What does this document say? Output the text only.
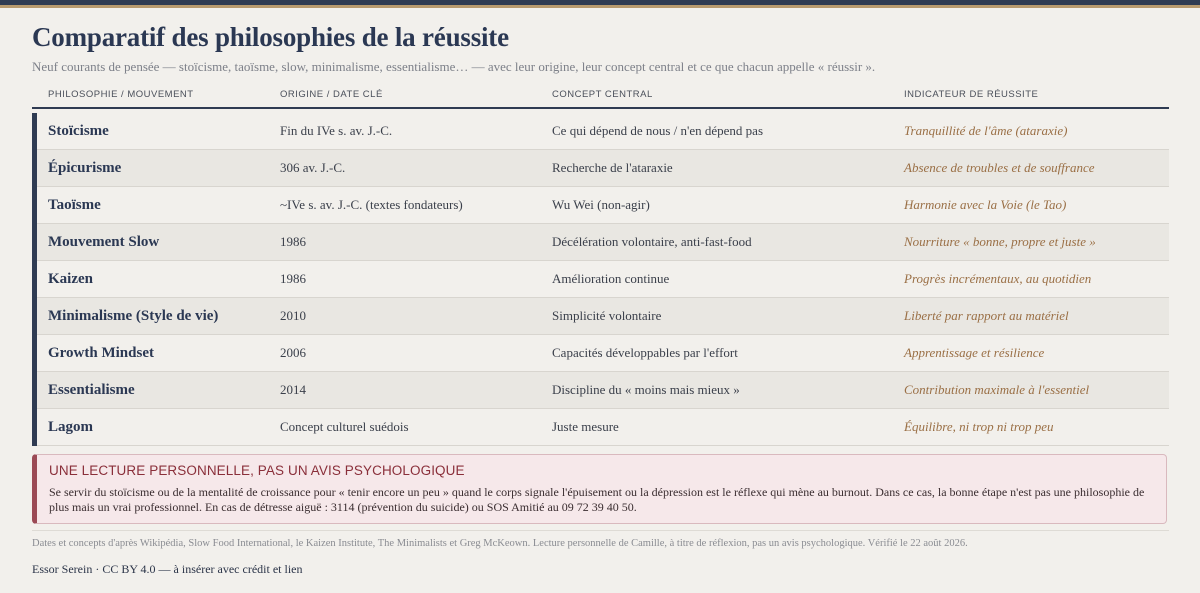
Comparatif des philosophies de la réussite
Neuf courants de pensée — stoïcisme, taoïsme, slow, minimalisme, essentialisme… — avec leur origine, leur concept central et ce que chacun appelle « réussir ».
PHILOSOPHIE / MOUVEMENT	ORIGINE / DATE CLÉ	CONCEPT CENTRAL	INDICATEUR DE RÉUSSITE
Stoïcisme	Fin du IVe s. av. J.-C.	Ce qui dépend de nous / n'en dépend pas	Tranquillité de l'âme (ataraxie)
Épicurisme	306 av. J.-C.	Recherche de l'ataraxie	Absence de troubles et de souffrance
Taoïsme	~IVe s. av. J.-C. (textes fondateurs)	Wu Wei (non-agir)	Harmonie avec la Voie (le Tao)
Mouvement Slow	1986	Décélération volontaire, anti-fast-food	Nourriture « bonne, propre et juste »
Kaizen	1986	Amélioration continue	Progrès incrémentaux, au quotidien
Minimalisme (Style de vie)	2010	Simplicité volontaire	Liberté par rapport au matériel
Growth Mindset	2006	Capacités développables par l'effort	Apprentissage et résilience
Essentialisme	2014	Discipline du « moins mais mieux »	Contribution maximale à l'essentiel
Lagom	Concept culturel suédois	Juste mesure	Équilibre, ni trop ni trop peu
UNE LECTURE PERSONNELLE, PAS UN AVIS PSYCHOLOGIQUE
Se servir du stoïcisme ou de la mentalité de croissance pour « tenir encore un peu » quand le corps signale l'épuisement ou la dépression est le réflexe qui mène au burnout. Dans ce cas, la bonne étape n'est pas une philosophie de plus mais un vrai professionnel. En cas de détresse aiguë : 3114 (prévention du suicide) ou SOS Amitié au 09 72 39 40 50.
Dates et concepts d'après Wikipédia, Slow Food International, le Kaizen Institute, The Minimalists et Greg McKeown. Lecture personnelle de Camille, à titre de réflexion, pas un avis psychologique. Vérifié le 22 août 2026.
Essor Serein · CC BY 4.0 — à insérer avec crédit et lien
